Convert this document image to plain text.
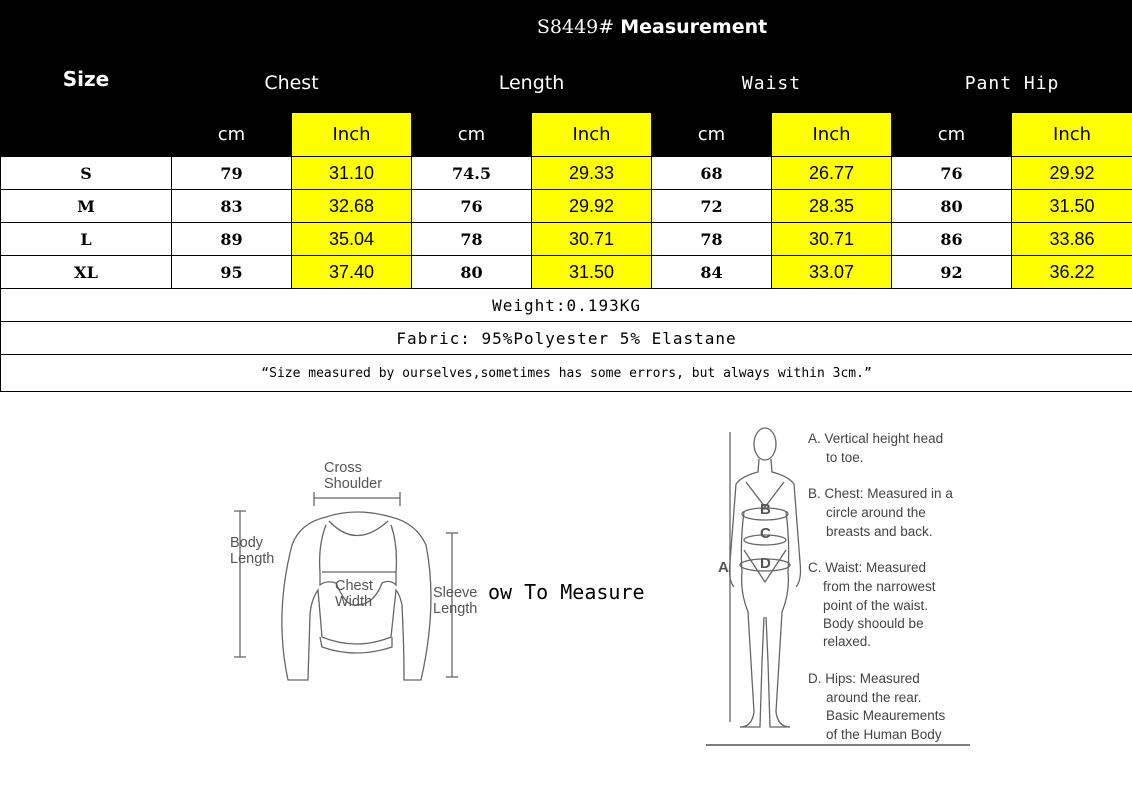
Size	S8449# Measurement							
	Chest		Length		Waist		Pant Hip	
	cm	Inch	cm	Inch	cm	Inch	cm	Inch
S	79	31.10	74.5	29.33	68	26.77	76	29.92
M	83	32.68	76	29.92	72	28.35	80	31.50
L	89	35.04	78	30.71	78	30.71	86	33.86
XL	95	37.40	80	31.50	84	33.07	92	36.22
Weight:0.193KG								
Fabric: 95%Polyester 5% Elastane								
“Size measured by ourselves,sometimes has some errors, but always within 3cm.”								
Cross
Shoulder
Body
Length
Chest
Width
Sleeve
Length
ow To Measure
A
B
C
D
A. Vertical height head
to toe.
B. Chest: Measured in a
circle around the
breasts and back.
C. Waist: Measured
from the narrowest
point of the waist.
Body shoould be
relaxed.
D. Hips: Measured
around the rear.
Basic Meaurements
of the Human Body
